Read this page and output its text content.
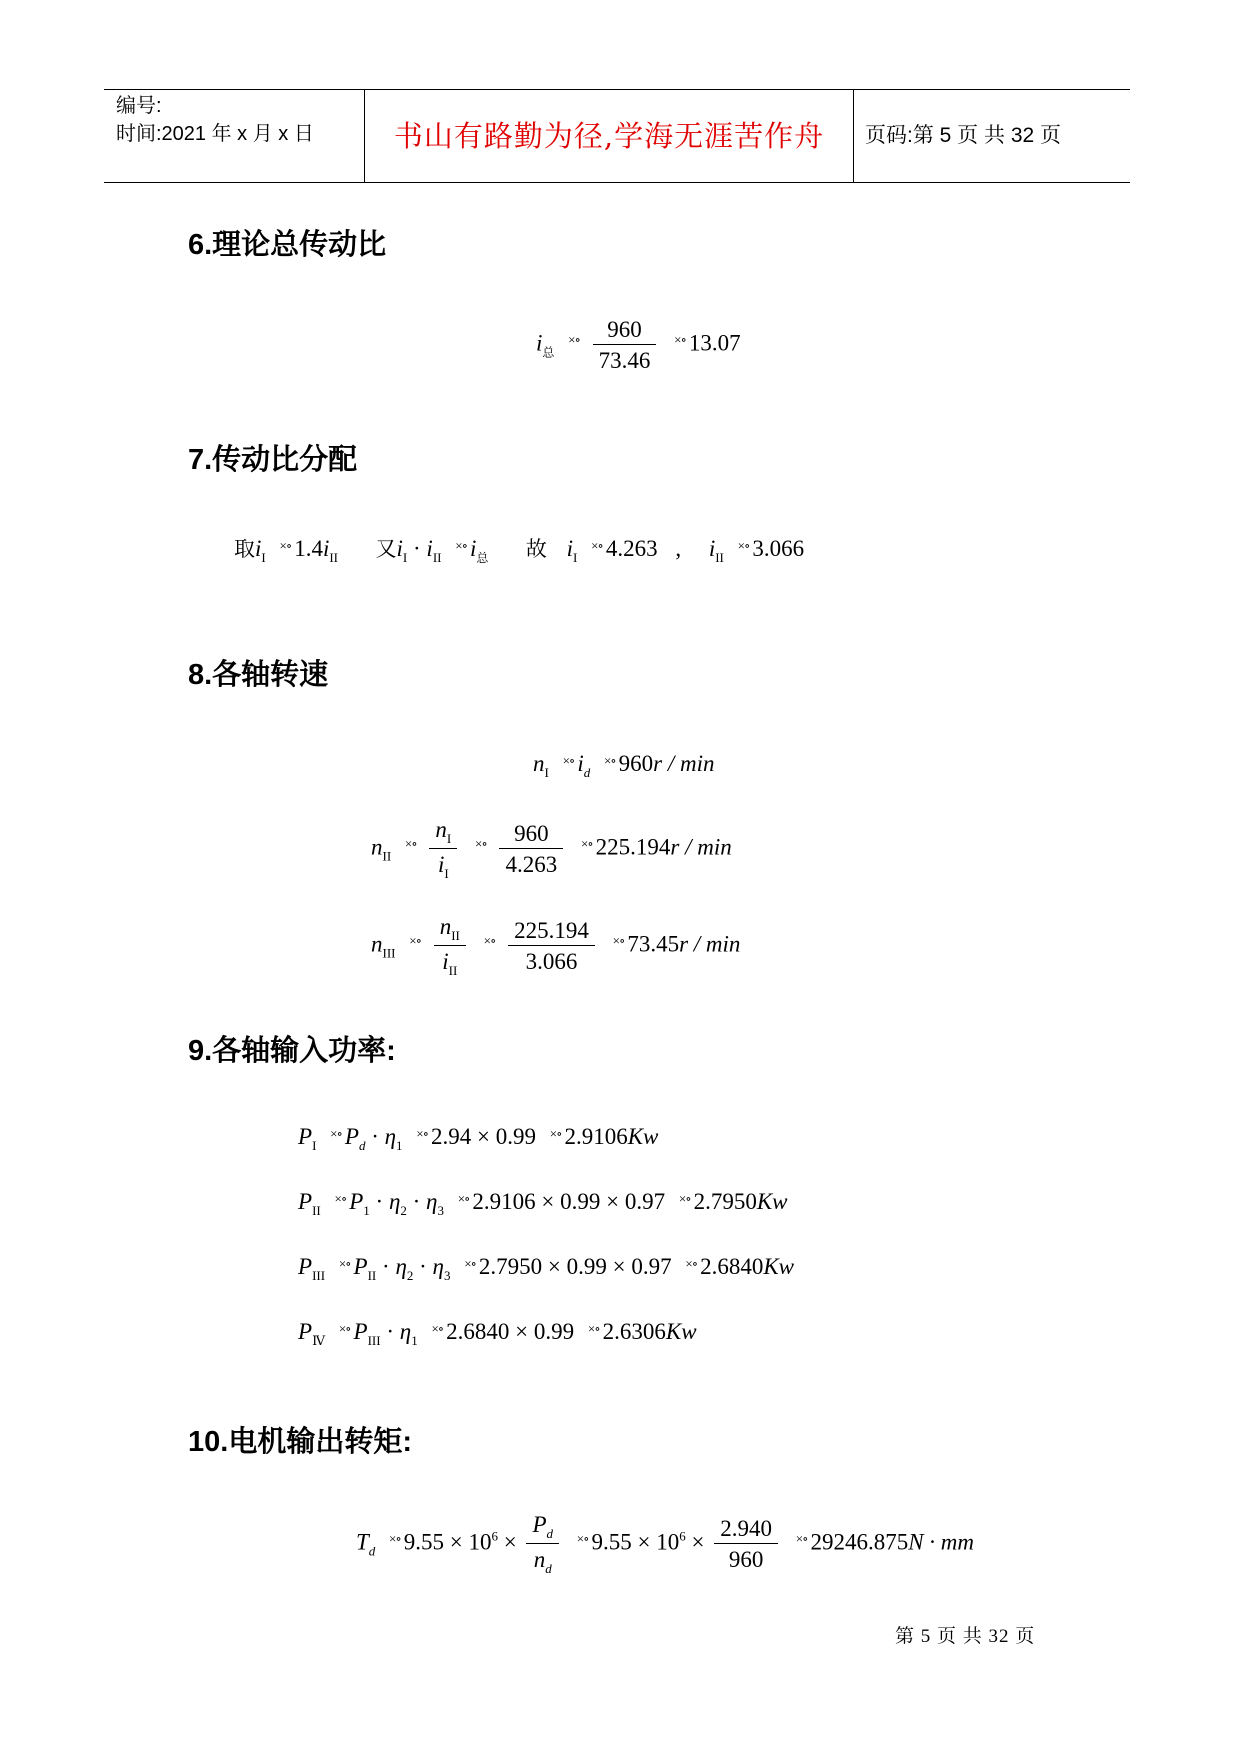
编号:
时间:2021 年 x 月 x 日	书山有路勤为径,学海无涯苦作舟	页码:第 5 页 共 32 页
6.理论总传动比
$i_总$ $^{\times\circ} \frac{960}{73.46} ^{\times\circ}$ 13.07
7.传动比分配
取$i_I$ ×∘ $1.4i_{II}$ 又$i_I \cdot i_{II}$ ×∘ $i_总$ 故 $i_I$ ×∘ 4.263 , $i_{II}$ ×∘ 3.066
8.各轴转速
$n_I$ ×∘ $i_d$ ×∘ 960r / min
$n_{II}$ $^{\times\circ} \frac{n_I}{i_I} ^{\times\circ} \frac{960}{4.263} ^{\times\circ}$ 225.194r / min
$n_{III}$ $^{\times\circ} \frac{n_{II}}{i_{II}} ^{\times\circ} \frac{225.194}{3.066} ^{\times\circ}$ 73.45r / min
9.各轴输入功率:
$P_I$ ×∘ $P_d \cdot \eta_1$ ×∘ 2.94 × 0.99 ×∘ 2.9106Kw
$P_{II}$ ×∘ $P_1 \cdot \eta_2 \cdot \eta_3$ ×∘ 2.9106 × 0.99 × 0.97 ×∘ 2.7950Kw
$P_{III}$ ×∘ $P_{II} \cdot \eta_2 \cdot \eta_3$ ×∘ 2.7950 × 0.99 × 0.97 ×∘ 2.6840Kw
$P_Ⅳ$ ×∘ $P_{III} \cdot \eta_1$ ×∘ 2.6840 × 0.99 ×∘ 2.6306Kw
10.电机输出转矩:
$T_d$ ×∘ $9.55 \times 10^6 \times \frac{P_d}{n_d} ^{\times\circ}$ $9.55 \times 10^6 \times \frac{2.940}{960} ^{\times\circ}$ 29246.875N · mm
第 5 页 共 32 页
